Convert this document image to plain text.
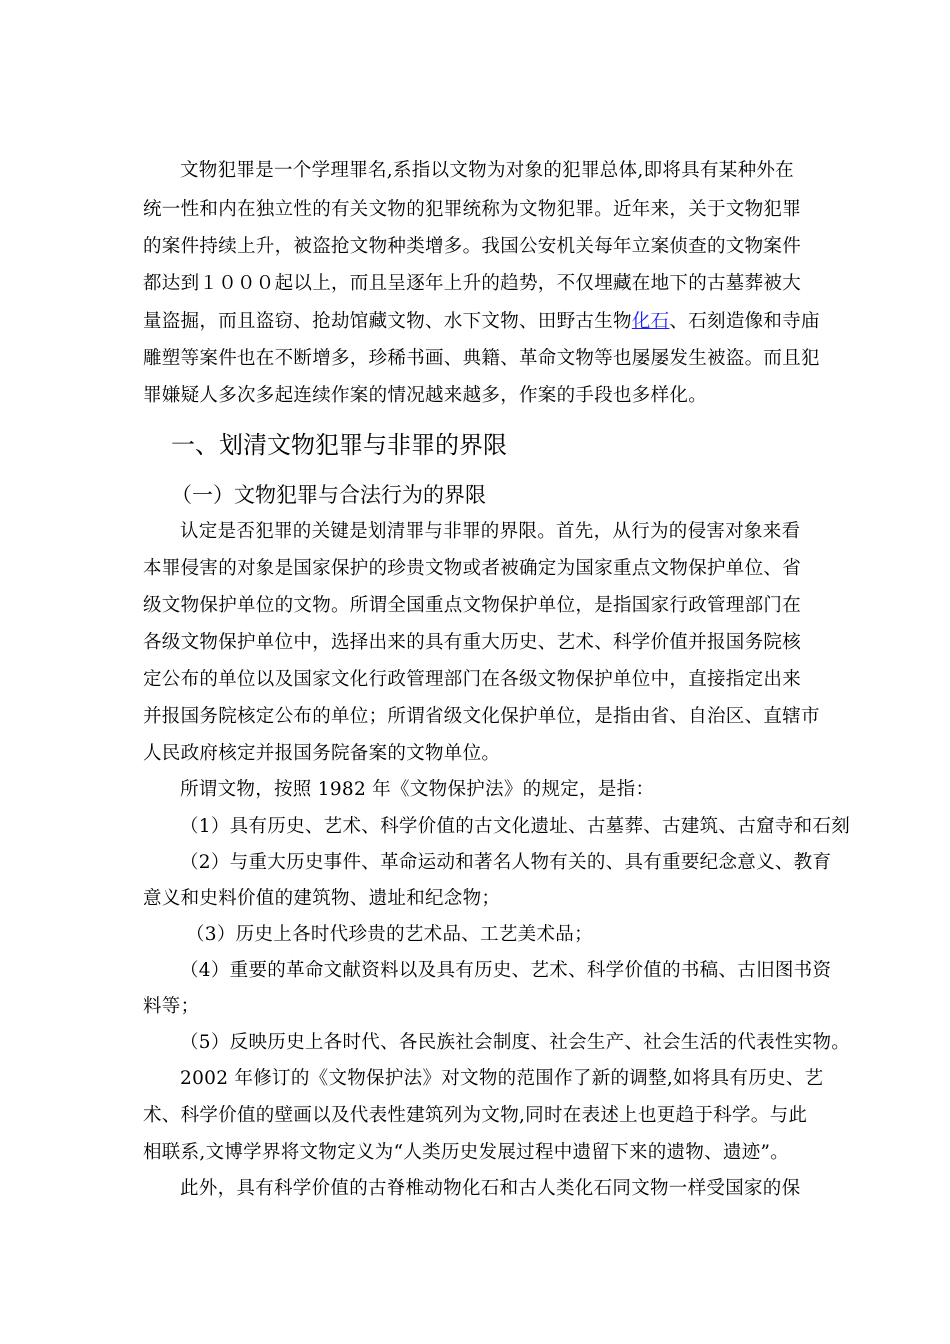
文物犯罪是一个学理罪名,系指以文物为对象的犯罪总体,即将具有某种外在
统一性和内在独立性的有关文物的犯罪统称为文物犯罪。近年来，关于文物犯罪
的案件持续上升，被盗抢文物种类增多。我国公安机关每年立案侦查的文物案件
都达到１０００起以上，而且呈逐年上升的趋势，不仅埋藏在地下的古墓葬被大
量盗掘，而且盗窃、抢劫馆藏文物、水下文物、田野古生物化石、石刻造像和寺庙
雕塑等案件也在不断增多，珍稀书画、典籍、革命文物等也屡屡发生被盗。而且犯
罪嫌疑人多次多起连续作案的情况越来越多，作案的手段也多样化。
一、划清文物犯罪与非罪的界限
（一）文物犯罪与合法行为的界限
认定是否犯罪的关键是划清罪与非罪的界限。首先，从行为的侵害对象来看
本罪侵害的对象是国家保护的珍贵文物或者被确定为国家重点文物保护单位、省
级文物保护单位的文物。所谓全国重点文物保护单位，是指国家行政管理部门在
各级文物保护单位中，选择出来的具有重大历史、艺术、科学价值并报国务院核
定公布的单位以及国家文化行政管理部门在各级文物保护单位中，直接指定出来
并报国务院核定公布的单位；所谓省级文化保护单位，是指由省、自治区、直辖市
人民政府核定并报国务院备案的文物单位。
所谓文物，按照 1982 年《文物保护法》的规定，是指：
（1）具有历史、艺术、科学价值的古文化遗址、古墓葬、古建筑、古窟寺和石刻
（2）与重大历史事件、革命运动和著名人物有关的、具有重要纪念意义、教育
意义和史料价值的建筑物、遗址和纪念物；
（3）历史上各时代珍贵的艺术品、工艺美术品；
（4）重要的革命文献资料以及具有历史、艺术、科学价值的书稿、古旧图书资
料等；
（5）反映历史上各时代、各民族社会制度、社会生产、社会生活的代表性实物。
2002 年修订的《文物保护法》对文物的范围作了新的调整,如将具有历史、艺
术、科学价值的壁画以及代表性建筑列为文物,同时在表述上也更趋于科学。与此
相联系,文博学界将文物定义为“人类历史发展过程中遗留下来的遗物、遗迹”。
此外，具有科学价值的古脊椎动物化石和古人类化石同文物一样受国家的保
